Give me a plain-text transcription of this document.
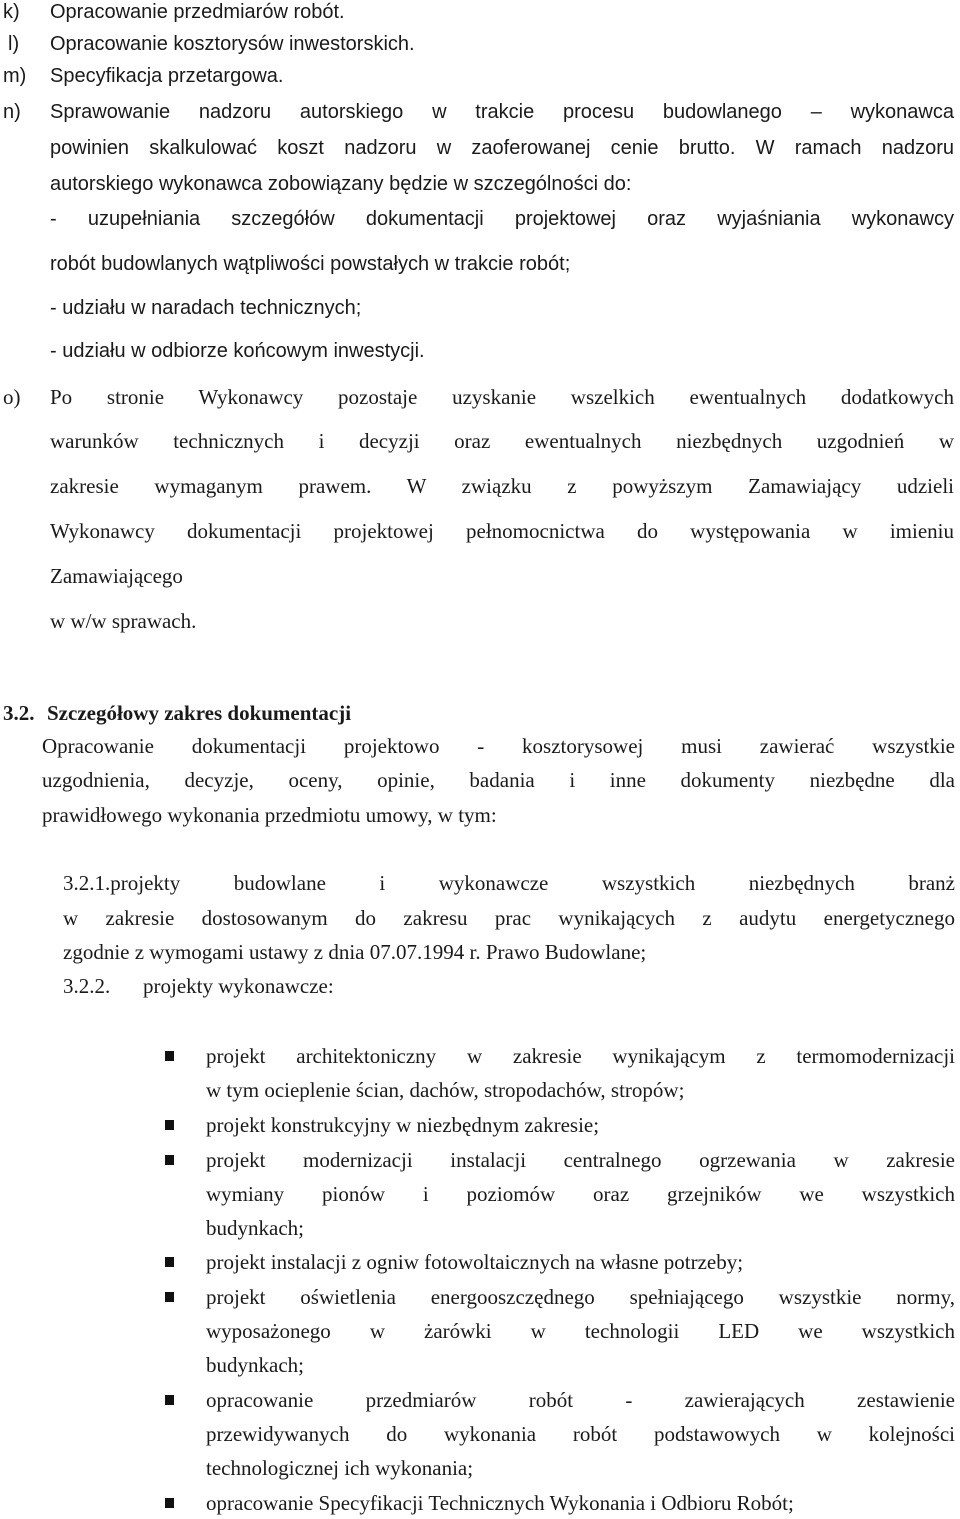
k) Opracowanie przedmiarów robót.
l) Opracowanie kosztorysów inwestorskich.
m) Specyfikacja przetargowa.
n) Sprawowanie nadzoru autorskiego w trakcie procesu budowlanego – wykonawca
powinien skalkulować koszt nadzoru w zaoferowanej cenie brutto. W ramach nadzoru
autorskiego wykonawca zobowiązany będzie w szczególności do:
- uzupełniania szczegółów dokumentacji projektowej oraz wyjaśniania wykonawcy
robót budowlanych wątpliwości powstałych w trakcie robót;
- udziału w naradach technicznych;
- udziału w odbiorze końcowym inwestycji.
o) Po stronie Wykonawcy pozostaje uzyskanie wszelkich ewentualnych dodatkowych
warunków technicznych i decyzji oraz ewentualnych niezbędnych uzgodnień w
zakresie wymaganym prawem. W związku z powyższym Zamawiający udzieli
Wykonawcy dokumentacji projektowej pełnomocnictwa do występowania w imieniu
Zamawiającego
w w/w sprawach.
3.2. Szczegółowy zakres dokumentacji
Opracowanie dokumentacji projektowo - kosztorysowej musi zawierać wszystkie
uzgodnienia, decyzje, oceny, opinie, badania i inne dokumenty niezbędne dla
prawidłowego wykonania przedmiotu umowy, w tym:
3.2.1.projekty budowlane i wykonawcze wszystkich niezbędnych branż
w zakresie dostosowanym do zakresu prac wynikających z audytu energetycznego
zgodnie z wymogami ustawy z dnia 07.07.1994 r. Prawo Budowlane;
3.2.2. projekty wykonawcze:
projekt architektoniczny w zakresie wynikającym z termomodernizacji
w tym ocieplenie ścian, dachów, stropodachów, stropów;
projekt konstrukcyjny w niezbędnym zakresie;
projekt modernizacji instalacji centralnego ogrzewania w zakresie
wymiany pionów i poziomów oraz grzejników we wszystkich
budynkach;
projekt instalacji z ogniw fotowoltaicznych na własne potrzeby;
projekt oświetlenia energooszczędnego spełniającego wszystkie normy,
wyposażonego w żarówki w technologii LED we wszystkich
budynkach;
opracowanie przedmiarów robót - zawierających zestawienie
przewidywanych do wykonania robót podstawowych w kolejności
technologicznej ich wykonania;
opracowanie Specyfikacji Technicznych Wykonania i Odbioru Robót;
